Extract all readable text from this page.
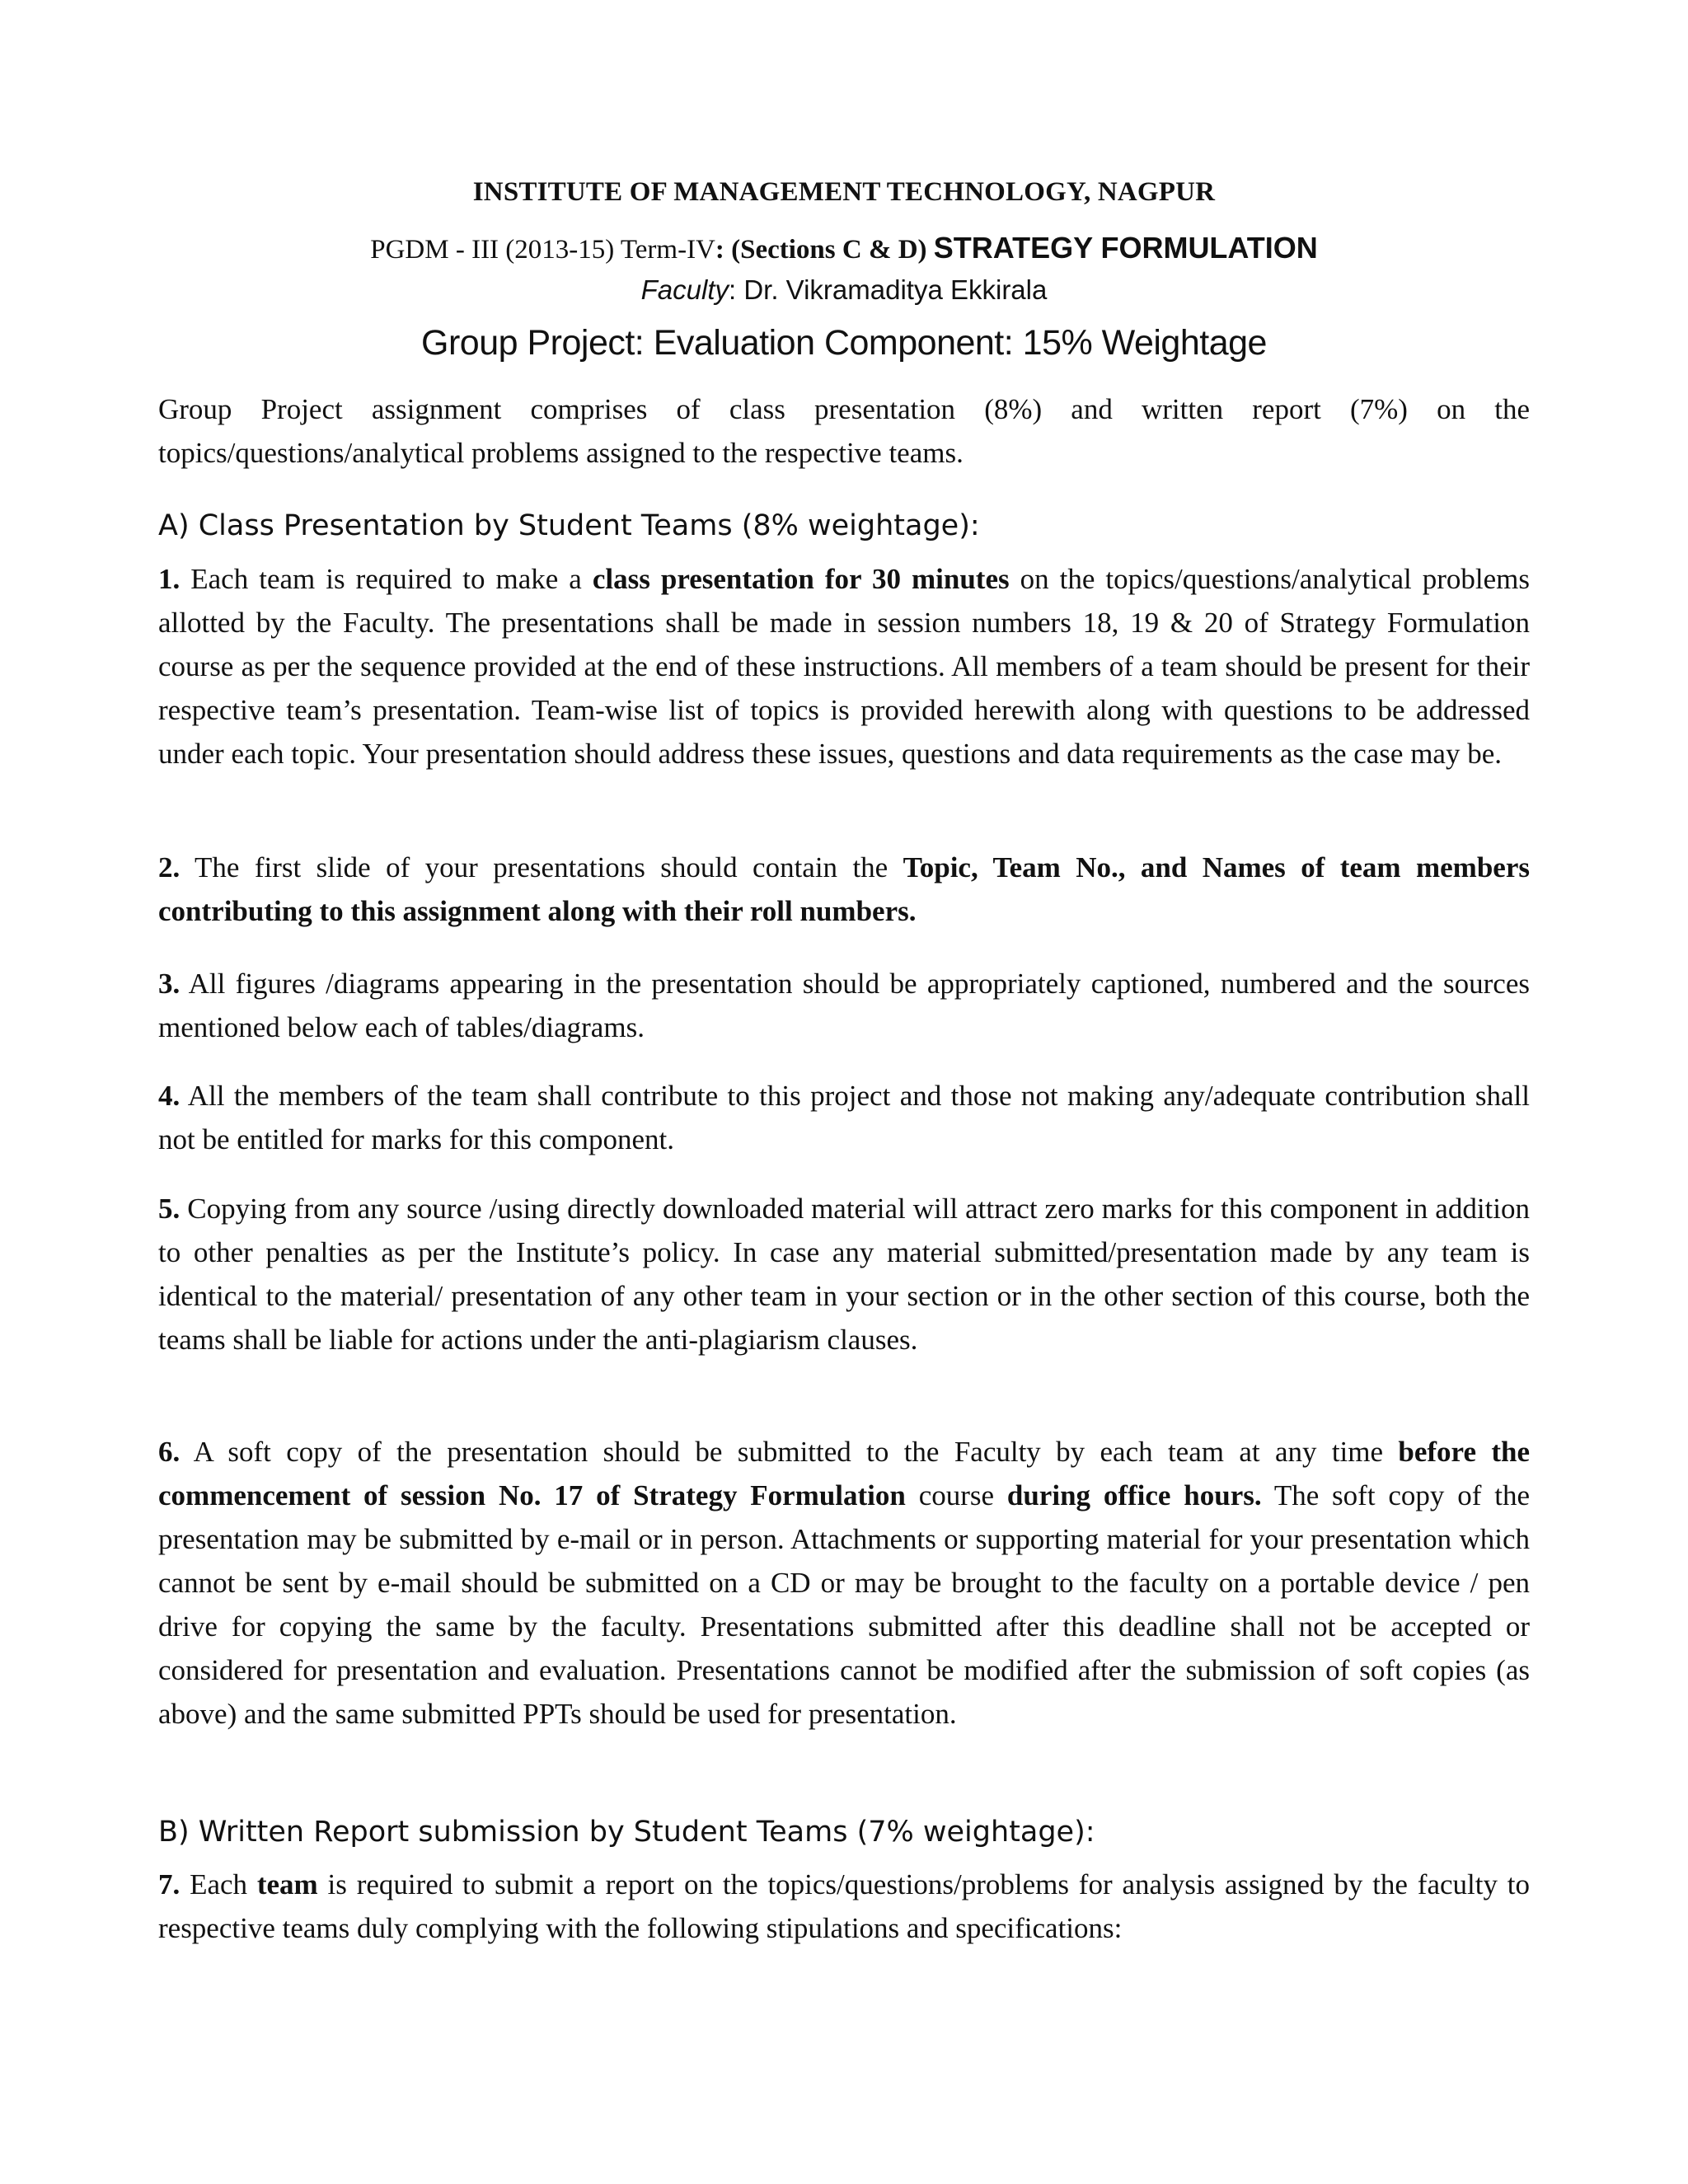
INSTITUTE OF MANAGEMENT TECHNOLOGY, NAGPUR
PGDM - III (2013-15) Term-IV: (Sections C & D) STRATEGY FORMULATION
Faculty: Dr. Vikramaditya Ekkirala
Group Project: Evaluation Component: 15% Weightage
Group Project assignment comprises of class presentation (8%) and written report (7%) on the topics/questions/analytical problems assigned to the respective teams.
A) Class Presentation by Student Teams (8% weightage):
1. Each team is required to make a class presentation for 30 minutes on the topics/questions/analytical problems allotted by the Faculty. The presentations shall be made in session numbers 18, 19 & 20 of Strategy Formulation course as per the sequence provided at the end of these instructions. All members of a team should be present for their respective team’s presentation. Team-wise list of topics is provided herewith along with questions to be addressed under each topic. Your presentation should address these issues, questions and data requirements as the case may be.
2. The first slide of your presentations should contain the Topic, Team No., and Names of team members contributing to this assignment along with their roll numbers.
3. All figures /diagrams appearing in the presentation should be appropriately captioned, numbered and the sources mentioned below each of tables/diagrams.
4. All the members of the team shall contribute to this project and those not making any/adequate contribution shall not be entitled for marks for this component.
5. Copying from any source /using directly downloaded material will attract zero marks for this component in addition to other penalties as per the Institute’s policy. In case any material submitted/presentation made by any team is identical to the material/ presentation of any other team in your section or in the other section of this course, both the teams shall be liable for actions under the anti-plagiarism clauses.
6. A soft copy of the presentation should be submitted to the Faculty by each team at any time before the commencement of session No. 17 of Strategy Formulation course during office hours. The soft copy of the presentation may be submitted by e-mail or in person. Attachments or supporting material for your presentation which cannot be sent by e-mail should be submitted on a CD or may be brought to the faculty on a portable device / pen drive for copying the same by the faculty. Presentations submitted after this deadline shall not be accepted or considered for presentation and evaluation. Presentations cannot be modified after the submission of soft copies (as above) and the same submitted PPTs should be used for presentation.
B) Written Report submission by Student Teams (7% weightage):
7. Each team is required to submit a report on the topics/questions/problems for analysis assigned by the faculty to respective teams duly complying with the following stipulations and specifications:
